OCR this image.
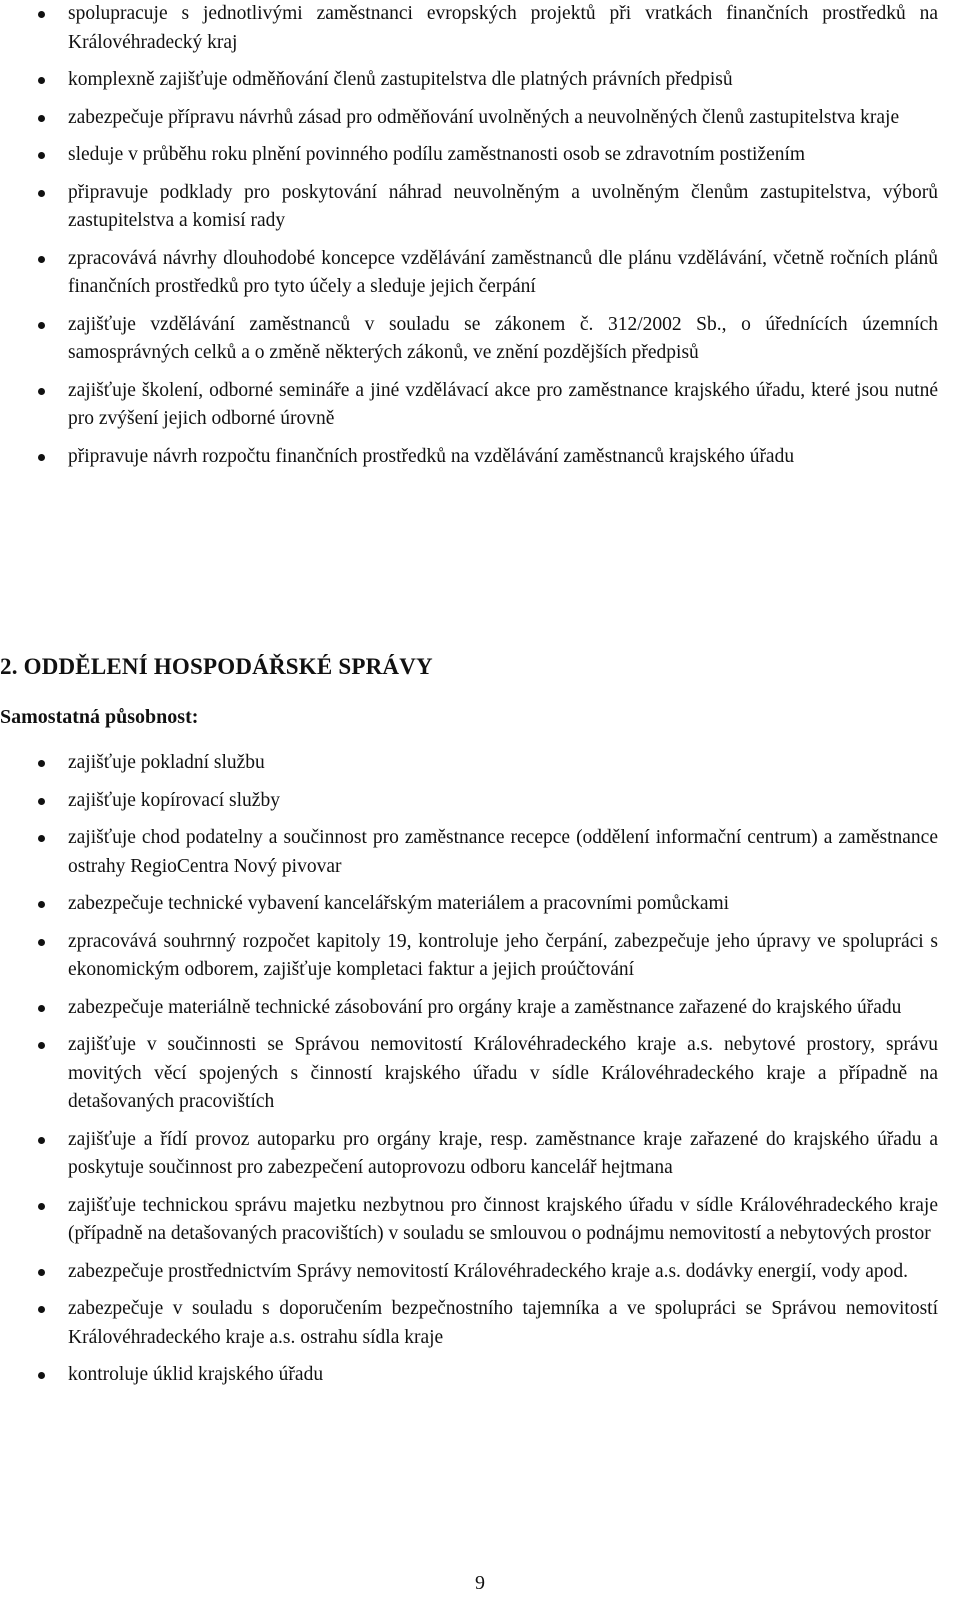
spolupracuje s jednotlivými zaměstnanci evropských projektů při vratkách finančních prostředků na Královéhradecký kraj
komplexně zajišťuje odměňování členů zastupitelstva dle platných právních předpisů
zabezpečuje přípravu návrhů zásad pro odměňování uvolněných a neuvolněných členů zastupitelstva kraje
sleduje v průběhu roku plnění povinného podílu zaměstnanosti osob se zdravotním postižením
připravuje podklady pro poskytování náhrad neuvolněným a uvolněným členům zastupitelstva, výborů zastupitelstva a komisí rady
zpracovává návrhy dlouhodobé koncepce vzdělávání zaměstnanců dle plánu vzdělávání, včetně ročních plánů finančních prostředků pro tyto účely a sleduje jejich čerpání
zajišťuje vzdělávání zaměstnanců v souladu se zákonem č. 312/2002 Sb., o úřednících územních samosprávných celků a o změně některých zákonů, ve znění pozdějších předpisů
zajišťuje školení, odborné semináře a jiné vzdělávací akce pro zaměstnance krajského úřadu, které jsou nutné pro zvýšení jejich odborné úrovně
připravuje návrh rozpočtu finančních prostředků na vzdělávání zaměstnanců krajského úřadu
2. ODDĚLENÍ HOSPODÁŘSKÉ SPRÁVY
Samostatná působnost:
zajišťuje pokladní službu
zajišťuje kopírovací služby
zajišťuje chod podatelny a součinnost pro zaměstnance recepce (oddělení informační centrum) a zaměstnance ostrahy RegioCentra Nový pivovar
zabezpečuje technické vybavení kancelářským materiálem a pracovními pomůckami
zpracovává souhrnný rozpočet kapitoly 19, kontroluje jeho čerpání, zabezpečuje jeho úpravy ve spolupráci s ekonomickým odborem, zajišťuje kompletaci faktur a jejich proúčtování
zabezpečuje materiálně technické zásobování pro orgány kraje a zaměstnance zařazené do krajského úřadu
zajišťuje v součinnosti se Správou nemovitostí Královéhradeckého kraje a.s. nebytové prostory, správu movitých věcí spojených s činností krajského úřadu v sídle Královéhradeckého kraje a případně na detašovaných pracovištích
zajišťuje a řídí provoz autoparku pro orgány kraje, resp. zaměstnance kraje zařazené do krajského úřadu a poskytuje součinnost pro zabezpečení autoprovozu odboru kancelář hejtmana
zajišťuje technickou správu majetku nezbytnou pro činnost krajského úřadu v sídle Královéhradeckého kraje (případně na detašovaných pracovištích) v souladu se smlouvou o podnájmu nemovitostí a nebytových prostor
zabezpečuje prostřednictvím Správy nemovitostí Královéhradeckého kraje a.s. dodávky energií, vody apod.
zabezpečuje v souladu s doporučením bezpečnostního tajemníka a ve spolupráci se Správou nemovitostí Královéhradeckého kraje a.s. ostrahu sídla kraje
kontroluje úklid krajského úřadu
9
